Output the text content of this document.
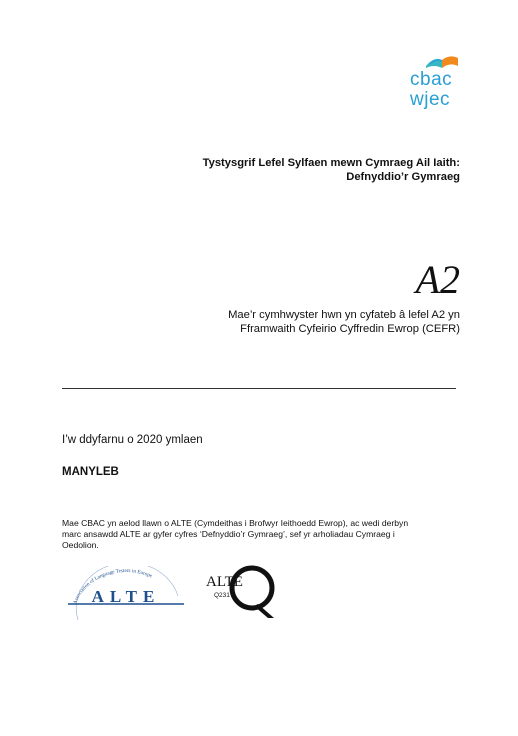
cbac
wjec
Tystysgrif Lefel Sylfaen mewn Cymraeg Ail Iaith:
Defnyddio’r Gymraeg
A2
Mae’r cymhwyster hwn yn cyfateb â lefel A2 yn
Fframwaith Cyfeirio Cyffredin Ewrop (CEFR)
I’w ddyfarnu o 2020 ymlaen
MANYLEB
Mae CBAC yn aelod llawn o ALTE (Cymdeithas i Brofwyr Ieithoedd Ewrop), ac wedi derbyn
marc ansawdd ALTE ar gyfer cyfres ‘Defnyddio’r Gymraeg’, sef yr arholiadau Cymraeg i
Oedolion.
Association of Language Testers in Europe
ALTE
ALTE
Q231
